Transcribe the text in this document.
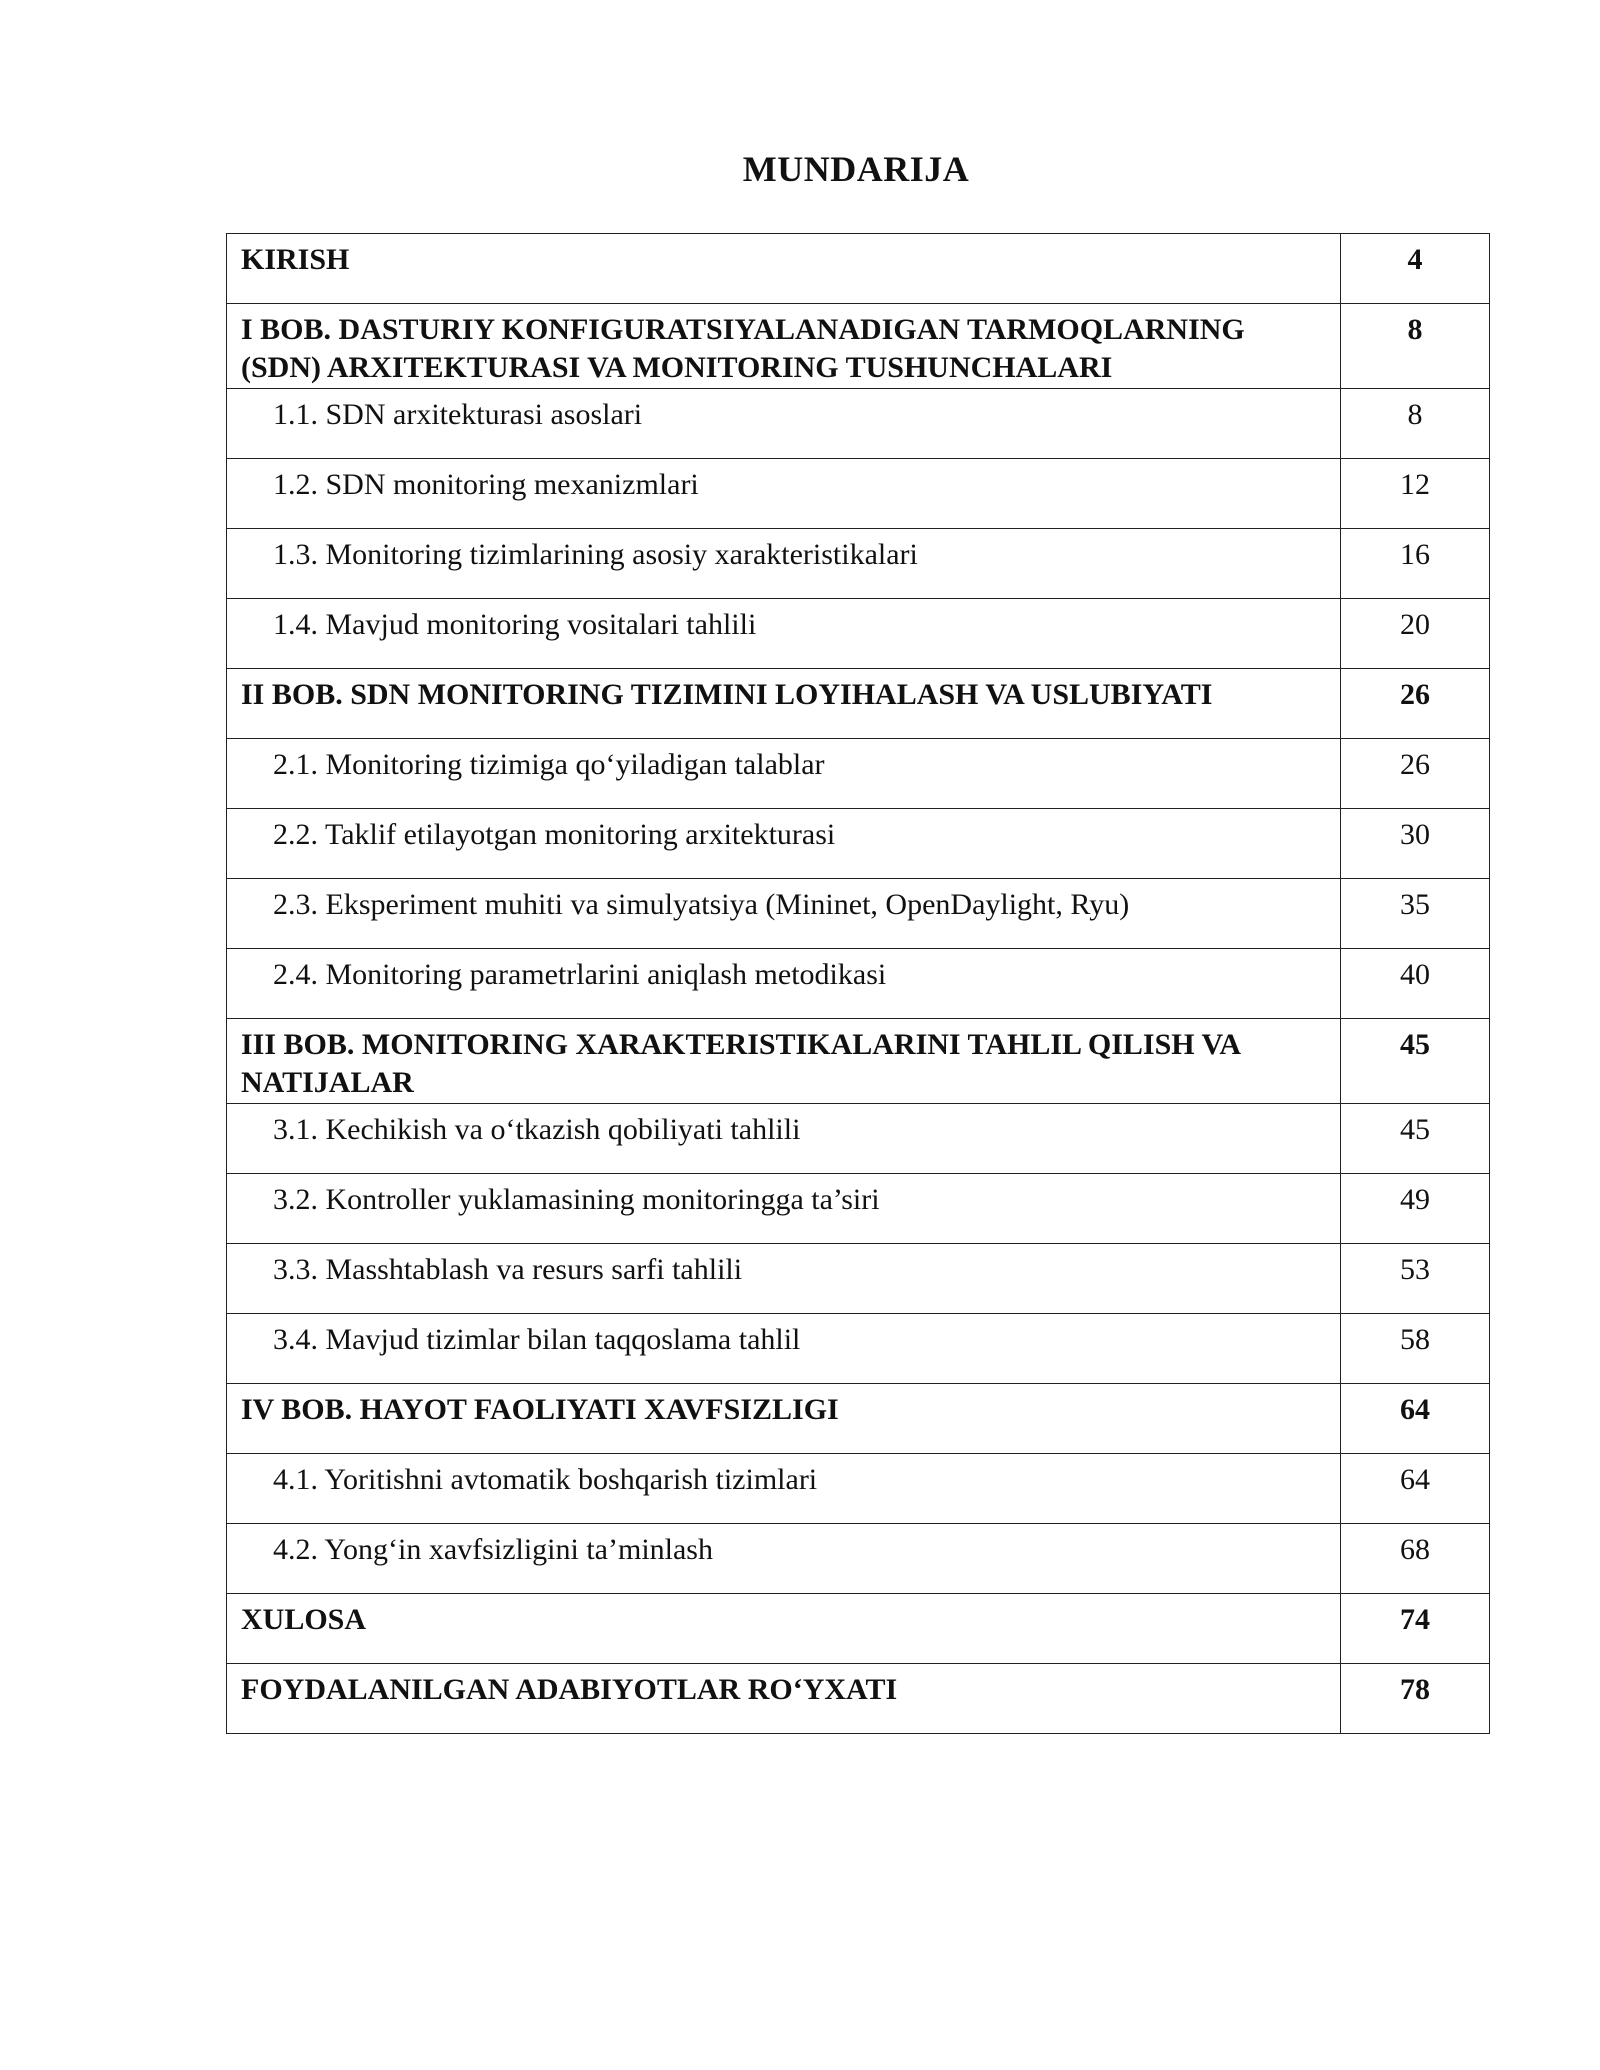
MUNDARIJA
KIRISH	4
I BOB. DASTURIY KONFIGURATSIYALANADIGAN TARMOQLARNING (SDN) ARXITEKTURASI VA MONITORING TUSHUNCHALARI	8
1.1. SDN arxitekturasi asoslari	8
1.2. SDN monitoring mexanizmlari	12
1.3. Monitoring tizimlarining asosiy xarakteristikalari	16
1.4. Mavjud monitoring vositalari tahlili	20
II BOB. SDN MONITORING TIZIMINI LOYIHALASH VA USLUBIYATI	26
2.1. Monitoring tizimiga qo‘yiladigan talablar	26
2.2. Taklif etilayotgan monitoring arxitekturasi	30
2.3. Eksperiment muhiti va simulyatsiya (Mininet, OpenDaylight, Ryu)	35
2.4. Monitoring parametrlarini aniqlash metodikasi	40
III BOB. MONITORING XARAKTERISTIKALARINI TAHLIL QILISH VA NATIJALAR	45
3.1. Kechikish va o‘tkazish qobiliyati tahlili	45
3.2. Kontroller yuklamasining monitoringga ta’siri	49
3.3. Masshtablash va resurs sarfi tahlili	53
3.4. Mavjud tizimlar bilan taqqoslama tahlil	58
IV BOB. HAYOT FAOLIYATI XAVFSIZLIGI	64
4.1. Yoritishni avtomatik boshqarish tizimlari	64
4.2. Yong‘in xavfsizligini ta’minlash	68
XULOSA	74
FOYDALANILGAN ADABIYOTLAR RO‘YXATI	78
